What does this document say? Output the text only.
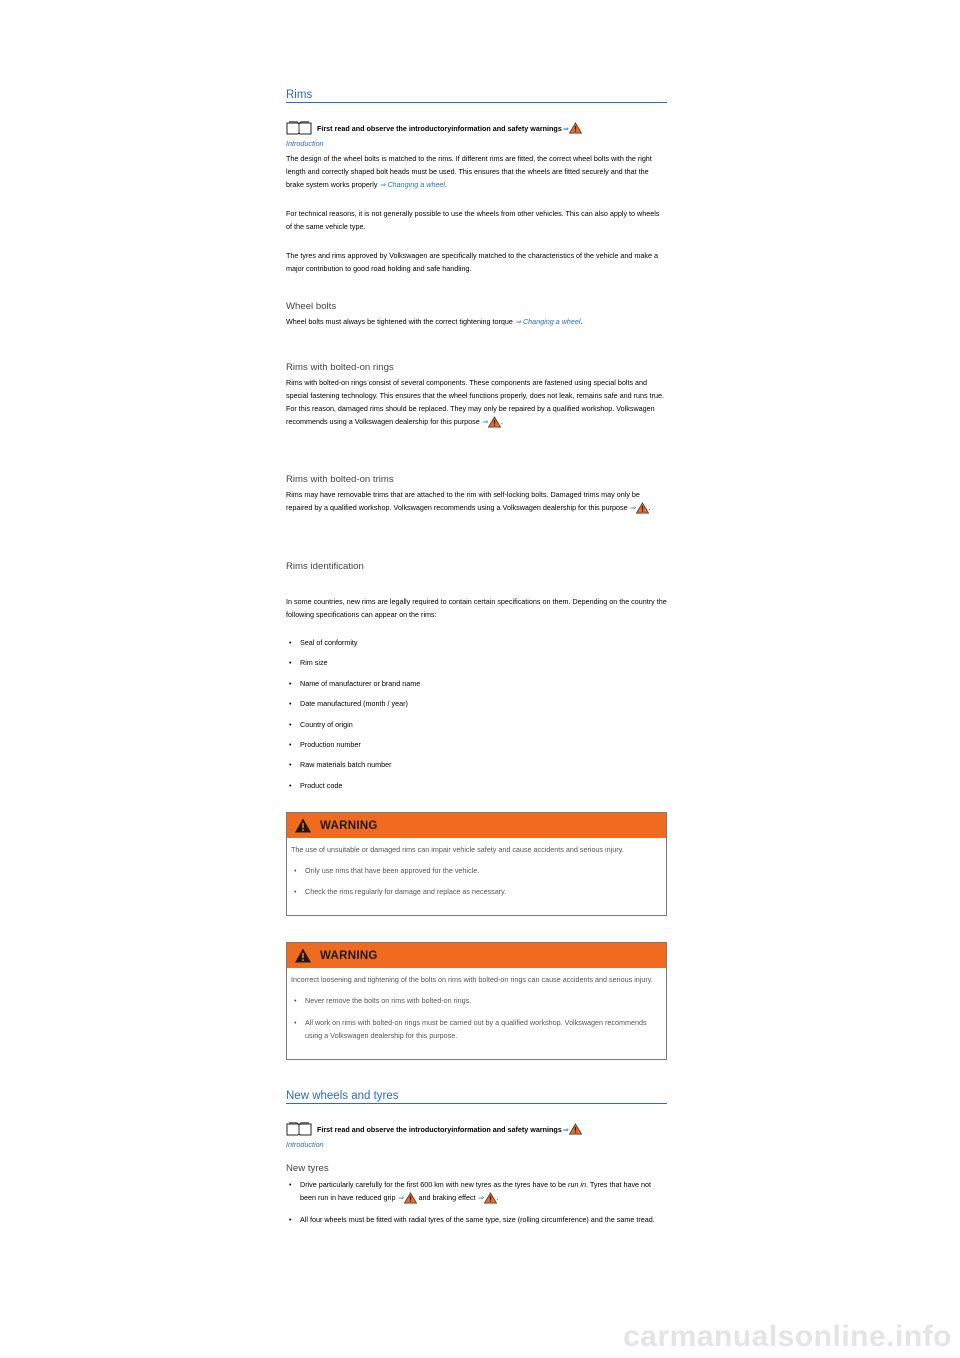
Rims
First read and observe the introductoryinformation and safety warnings ⇒
Introduction

The design of the wheel bolts is matched to the rims. If different rims are fitted, the correct wheel bolts with the right length and correctly shaped bolt heads must be used. This ensures that the wheels are fitted securely and that the brake system works properly ⇒ Changing a wheel.

For technical reasons, it is not generally possible to use the wheels from other vehicles. This can also apply to wheels of the same vehicle type.

The tyres and rims approved by Volkswagen are specifically matched to the characteristics of the vehicle and make a major contribution to good road holding and safe handling.

Wheel bolts

Wheel bolts must always be tightened with the correct tightening torque ⇒ Changing a wheel.

Rims with bolted-on rings

Rims with bolted-on rings consist of several components. These components are fastened using special bolts and special fastening technology. This ensures that the wheel functions properly, does not leak, remains safe and runs true. For this reason, damaged rims should be replaced. They may only be repaired by a qualified workshop. Volkswagen recommends using a Volkswagen dealership for this purpose ⇒ .

Rims with bolted-on trims

Rims may have removable trims that are attached to the rim with self-locking bolts. Damaged trims may only be repaired by a qualified workshop. Volkswagen recommends using a Volkswagen dealership for this purpose ⇒ .

Rims identification

In some countries, new rims are legally required to contain certain specifications on them. Depending on the country the following specifications can appear on the rims:

• Seal of conformity
• Rim size
• Name of manufacturer or brand name
• Date manufactured (month / year)
• Country of origin
• Production number
• Raw materials batch number
• Product code
WARNING

The use of unsuitable or damaged rims can impair vehicle safety and cause accidents and serious injury.

• Only use rims that have been approved for the vehicle.
• Check the rims regularly for damage and replace as necessary.
WARNING

Incorrect loosening and tightening of the bolts on rims with bolted-on rings can cause accidents and serious injury.

• Never remove the bolts on rims with bolted-on rings.
• All work on rims with bolted-on rings must be carried out by a qualified workshop. Volkswagen recommends using a Volkswagen dealership for this purpose.
New wheels and tyres
First read and observe the introductoryinformation and safety warnings ⇒
Introduction
New tyres
• Drive particularly carefully for the first 600 km with new tyres as the tyres have to be run in. Tyres that have not been run in have reduced grip ⇒ and braking effect ⇒ .
• All four wheels must be fitted with radial tyres of the same type, size (rolling circumference) and the same tread.
carmanualsonline.info
